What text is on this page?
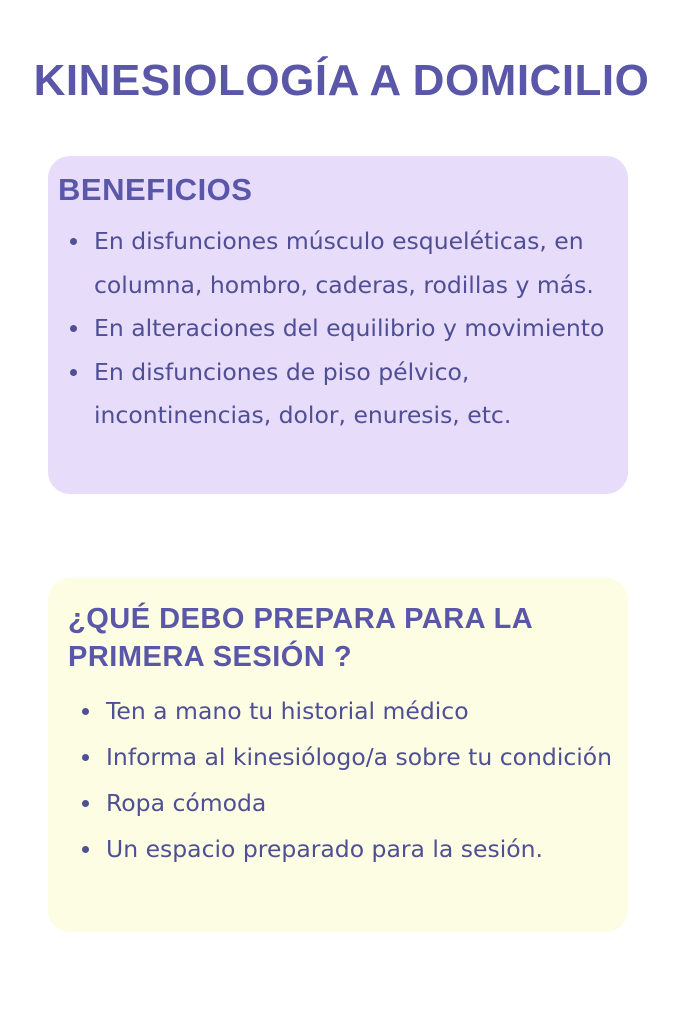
KINESIOLOGÍA A DOMICILIO
BENEFICIOS
En disfunciones músculo esqueléticas, en columna, hombro, caderas, rodillas y más.
En alteraciones del equilibrio y movimiento
En disfunciones de piso pélvico, incontinencias, dolor, enuresis, etc.
¿QUÉ DEBO PREPARA PARA LA PRIMERA SESIÓN ?
Ten a mano tu historial médico
Informa al kinesiólogo/a sobre tu condición
Ropa cómoda
Un espacio preparado para la sesión.
